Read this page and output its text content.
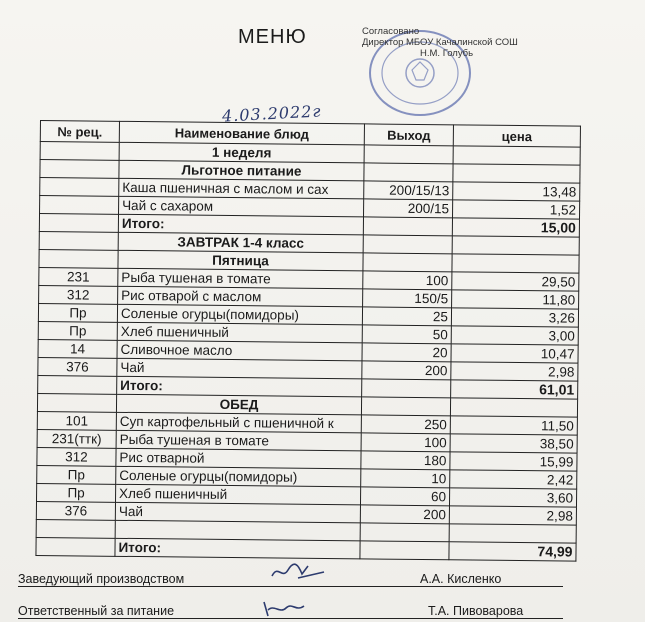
МЕНЮ	Согласовано
Директор МБОУ Качалинской СОШ
Н.М. Голубь
4.03.2022г
№ рец.	Наименование блюд	Выход	цена
	1 неделя		
	Льготное питание		
	Каша пшеничная с маслом и сах	200/15/13	13,48
	Чай с сахаром	200/15	1,52
	Итого:		15,00
	ЗАВТРАК 1-4 класс		
	Пятница		
231	Рыба тушеная в томате	100	29,50
312	Рис отварой с маслом	150/5	11,80
Пр	Соленые огурцы(помидоры)	25	3,26
Пр	Хлеб пшеничный	50	3,00
14	Сливочное масло	20	10,47
376	Чай	200	2,98
	Итого:		61,01
	ОБЕД		
101	Суп картофельный с пшеничной к	250	11,50
231(ттк)	Рыба тушеная в томате	100	38,50
312	Рис отварной	180	15,99
Пр	Соленые огурцы(помидоры)	10	2,42
Пр	Хлеб пшеничный	60	3,60
376	Чай	200	2,98

	Итого:		74,99
Заведующий производством	А.А. Кисленко
Ответственный за питание	Т.А. Пивоварова
